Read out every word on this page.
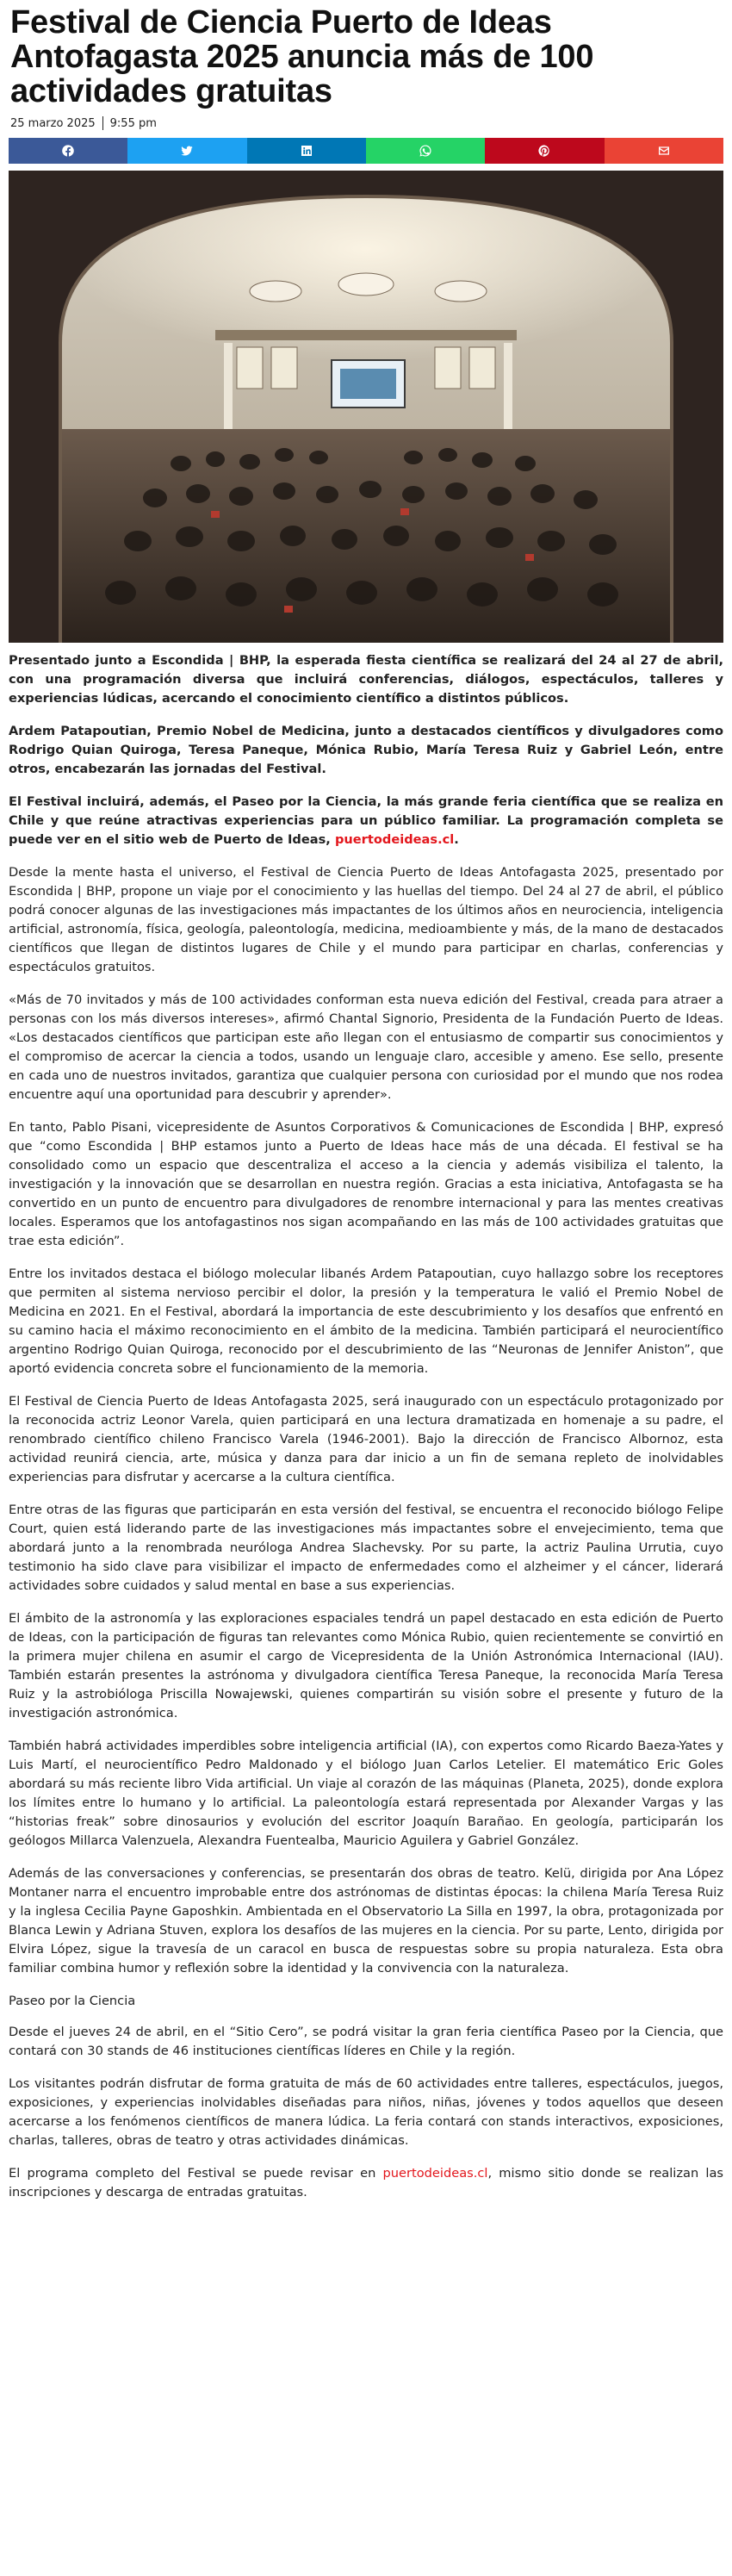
Festival de Ciencia Puerto de Ideas Antofagasta 2025 anuncia más de 100 actividades gratuitas
25 marzo 2025 9:55 pm

Presentado junto a Escondida | BHP, la esperada fiesta científica se realizará del 24 al 27 de abril, con una programación diversa que incluirá conferencias, diálogos, espectáculos, talleres y experiencias lúdicas, acercando el conocimiento científico a distintos públicos.

Ardem Patapoutian, Premio Nobel de Medicina, junto a destacados científicos y divulgadores como Rodrigo Quian Quiroga, Teresa Paneque, Mónica Rubio, María Teresa Ruiz y Gabriel León, entre otros, encabezarán las jornadas del Festival.

El Festival incluirá, además, el Paseo por la Ciencia, la más grande feria científica que se realiza en Chile y que reúne atractivas experiencias para un público familiar. La programación completa se puede ver en el sitio web de Puerto de Ideas, puertodeideas.cl.

Desde la mente hasta el universo, el Festival de Ciencia Puerto de Ideas Antofagasta 2025, presentado por Escondida | BHP, propone un viaje por el conocimiento y las huellas del tiempo. Del 24 al 27 de abril, el público podrá conocer algunas de las investigaciones más impactantes de los últimos años en neurociencia, inteligencia artificial, astronomía, física, geología, paleontología, medicina, medioambiente y más, de la mano de destacados científicos que llegan de distintos lugares de Chile y el mundo para participar en charlas, conferencias y espectáculos gratuitos.

«Más de 70 invitados y más de 100 actividades conforman esta nueva edición del Festival, creada para atraer a personas con los más diversos intereses», afirmó Chantal Signorio, Presidenta de la Fundación Puerto de Ideas. «Los destacados científicos que participan este año llegan con el entusiasmo de compartir sus conocimientos y el compromiso de acercar la ciencia a todos, usando un lenguaje claro, accesible y ameno. Ese sello, presente en cada uno de nuestros invitados, garantiza que cualquier persona con curiosidad por el mundo que nos rodea encuentre aquí una oportunidad para descubrir y aprender».

En tanto, Pablo Pisani, vicepresidente de Asuntos Corporativos & Comunicaciones de Escondida | BHP, expresó que “como Escondida | BHP estamos junto a Puerto de Ideas hace más de una década. El festival se ha consolidado como un espacio que descentraliza el acceso a la ciencia y además visibiliza el talento, la investigación y la innovación que se desarrollan en nuestra región. Gracias a esta iniciativa, Antofagasta se ha convertido en un punto de encuentro para divulgadores de renombre internacional y para las mentes creativas locales. Esperamos que los antofagastinos nos sigan acompañando en las más de 100 actividades gratuitas que trae esta edición”.

Entre los invitados destaca el biólogo molecular libanés Ardem Patapoutian, cuyo hallazgo sobre los receptores que permiten al sistema nervioso percibir el dolor, la presión y la temperatura le valió el Premio Nobel de Medicina en 2021. En el Festival, abordará la importancia de este descubrimiento y los desafíos que enfrentó en su camino hacia el máximo reconocimiento en el ámbito de la medicina. También participará el neurocientífico argentino Rodrigo Quian Quiroga, reconocido por el descubrimiento de las “Neuronas de Jennifer Aniston”, que aportó evidencia concreta sobre el funcionamiento de la memoria.

El Festival de Ciencia Puerto de Ideas Antofagasta 2025, será inaugurado con un espectáculo protagonizado por la reconocida actriz Leonor Varela, quien participará en una lectura dramatizada en homenaje a su padre, el renombrado científico chileno Francisco Varela (1946-2001). Bajo la dirección de Francisco Albornoz, esta actividad reunirá ciencia, arte, música y danza para dar inicio a un fin de semana repleto de inolvidables experiencias para disfrutar y acercarse a la cultura científica.

Entre otras de las figuras que participarán en esta versión del festival, se encuentra el reconocido biólogo Felipe Court, quien está liderando parte de las investigaciones más impactantes sobre el envejecimiento, tema que abordará junto a la renombrada neuróloga Andrea Slachevsky. Por su parte, la actriz Paulina Urrutia, cuyo testimonio ha sido clave para visibilizar el impacto de enfermedades como el alzheimer y el cáncer, liderará actividades sobre cuidados y salud mental en base a sus experiencias.

El ámbito de la astronomía y las exploraciones espaciales tendrá un papel destacado en esta edición de Puerto de Ideas, con la participación de figuras tan relevantes como Mónica Rubio, quien recientemente se convirtió en la primera mujer chilena en asumir el cargo de Vicepresidenta de la Unión Astronómica Internacional (IAU). También estarán presentes la astrónoma y divulgadora científica Teresa Paneque, la reconocida María Teresa Ruiz y la astrobióloga Priscilla Nowajewski, quienes compartirán su visión sobre el presente y futuro de la investigación astronómica.

También habrá actividades imperdibles sobre inteligencia artificial (IA), con expertos como Ricardo Baeza-Yates y Luis Martí, el neurocientífico Pedro Maldonado y el biólogo Juan Carlos Letelier. El matemático Eric Goles abordará su más reciente libro Vida artificial. Un viaje al corazón de las máquinas (Planeta, 2025), donde explora los límites entre lo humano y lo artificial. La paleontología estará representada por Alexander Vargas y las “historias freak” sobre dinosaurios y evolución del escritor Joaquín Barañao. En geología, participarán los geólogos Millarca Valenzuela, Alexandra Fuentealba, Mauricio Aguilera y Gabriel González.

Además de las conversaciones y conferencias, se presentarán dos obras de teatro. Kelü, dirigida por Ana López Montaner narra el encuentro improbable entre dos astrónomas de distintas épocas: la chilena María Teresa Ruiz y la inglesa Cecilia Payne Gaposhkin. Ambientada en el Observatorio La Silla en 1997, la obra, protagonizada por Blanca Lewin y Adriana Stuven, explora los desafíos de las mujeres en la ciencia. Por su parte, Lento, dirigida por Elvira López, sigue la travesía de un caracol en busca de respuestas sobre su propia naturaleza. Esta obra familiar combina humor y reflexión sobre la identidad y la convivencia con la naturaleza.

Paseo por la Ciencia

Desde el jueves 24 de abril, en el “Sitio Cero”, se podrá visitar la gran feria científica Paseo por la Ciencia, que contará con 30 stands de 46 instituciones científicas líderes en Chile y la región.

Los visitantes podrán disfrutar de forma gratuita de más de 60 actividades entre talleres, espectáculos, juegos, exposiciones, y experiencias inolvidables diseñadas para niños, niñas, jóvenes y todos aquellos que deseen acercarse a los fenómenos científicos de manera lúdica. La feria contará con stands interactivos, exposiciones, charlas, talleres, obras de teatro y otras actividades dinámicas.

El programa completo del Festival se puede revisar en puertodeideas.cl, mismo sitio donde se realizan las inscripciones y descarga de entradas gratuitas.
